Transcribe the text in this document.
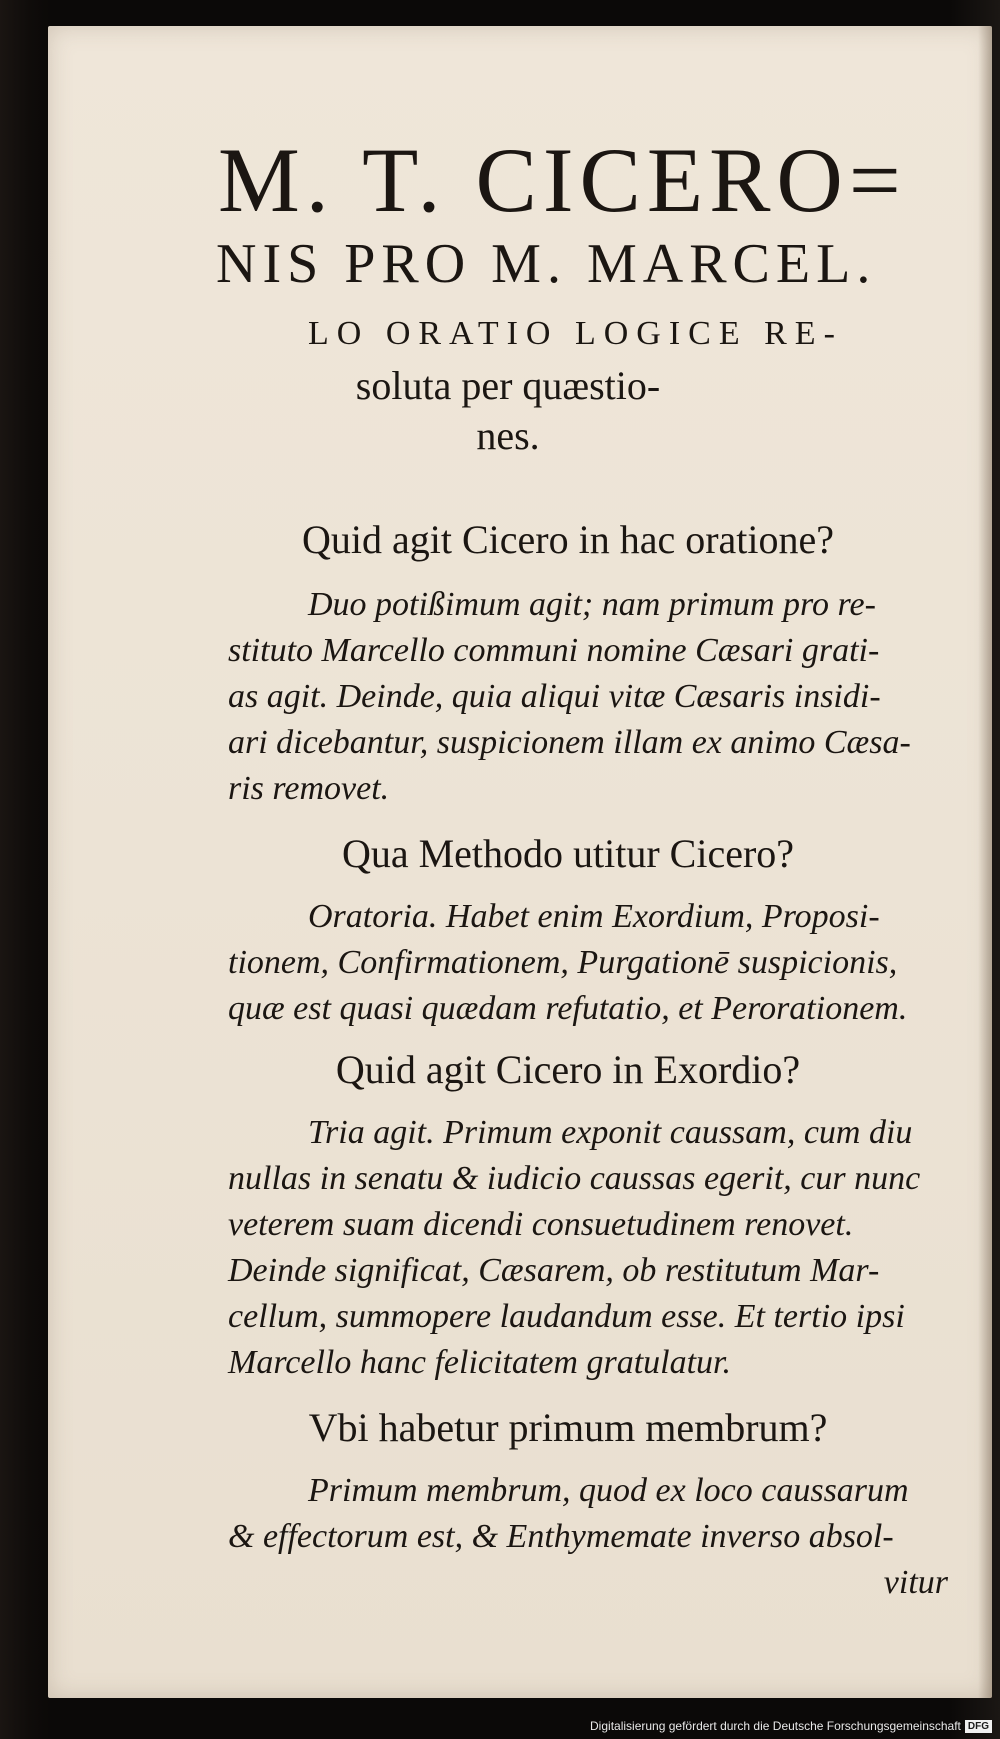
M. T. CICERO=
NIS PRO M. MARCEL.
LO ORATIO LOGICE RE-
soluta per quæstio-
nes.
Quid agit Cicero in hac oratione?
Duo potißimum agit; nam primum pro re-
stituto Marcello communi nomine Cæsari grati-
as agit. Deinde, quia aliqui vitæ Cæsaris insidi-
ari dicebantur, suspicionem illam ex animo Cæsa-
ris removet.
Qua Methodo utitur Cicero?
Oratoria. Habet enim Exordium, Proposi-
tionem, Confirmationem, Purgationē suspicionis,
quæ est quasi quædam refutatio, et Perorationem.
Quid agit Cicero in Exordio?
Tria agit. Primum exponit caussam, cum diu
nullas in senatu & iudicio caussas egerit, cur nunc
veterem suam dicendi consuetudinem renovet.
Deinde significat, Cæsarem, ob restitutum Mar-
cellum, summopere laudandum esse. Et tertio ipsi
Marcello hanc felicitatem gratulatur.
Vbi habetur primum membrum?
Primum membrum, quod ex loco caussarum
& effectorum est, & Enthymemate inverso absol-
vitur
Digitalisierung gefördert durch die Deutsche Forschungsgemeinschaft DFG
